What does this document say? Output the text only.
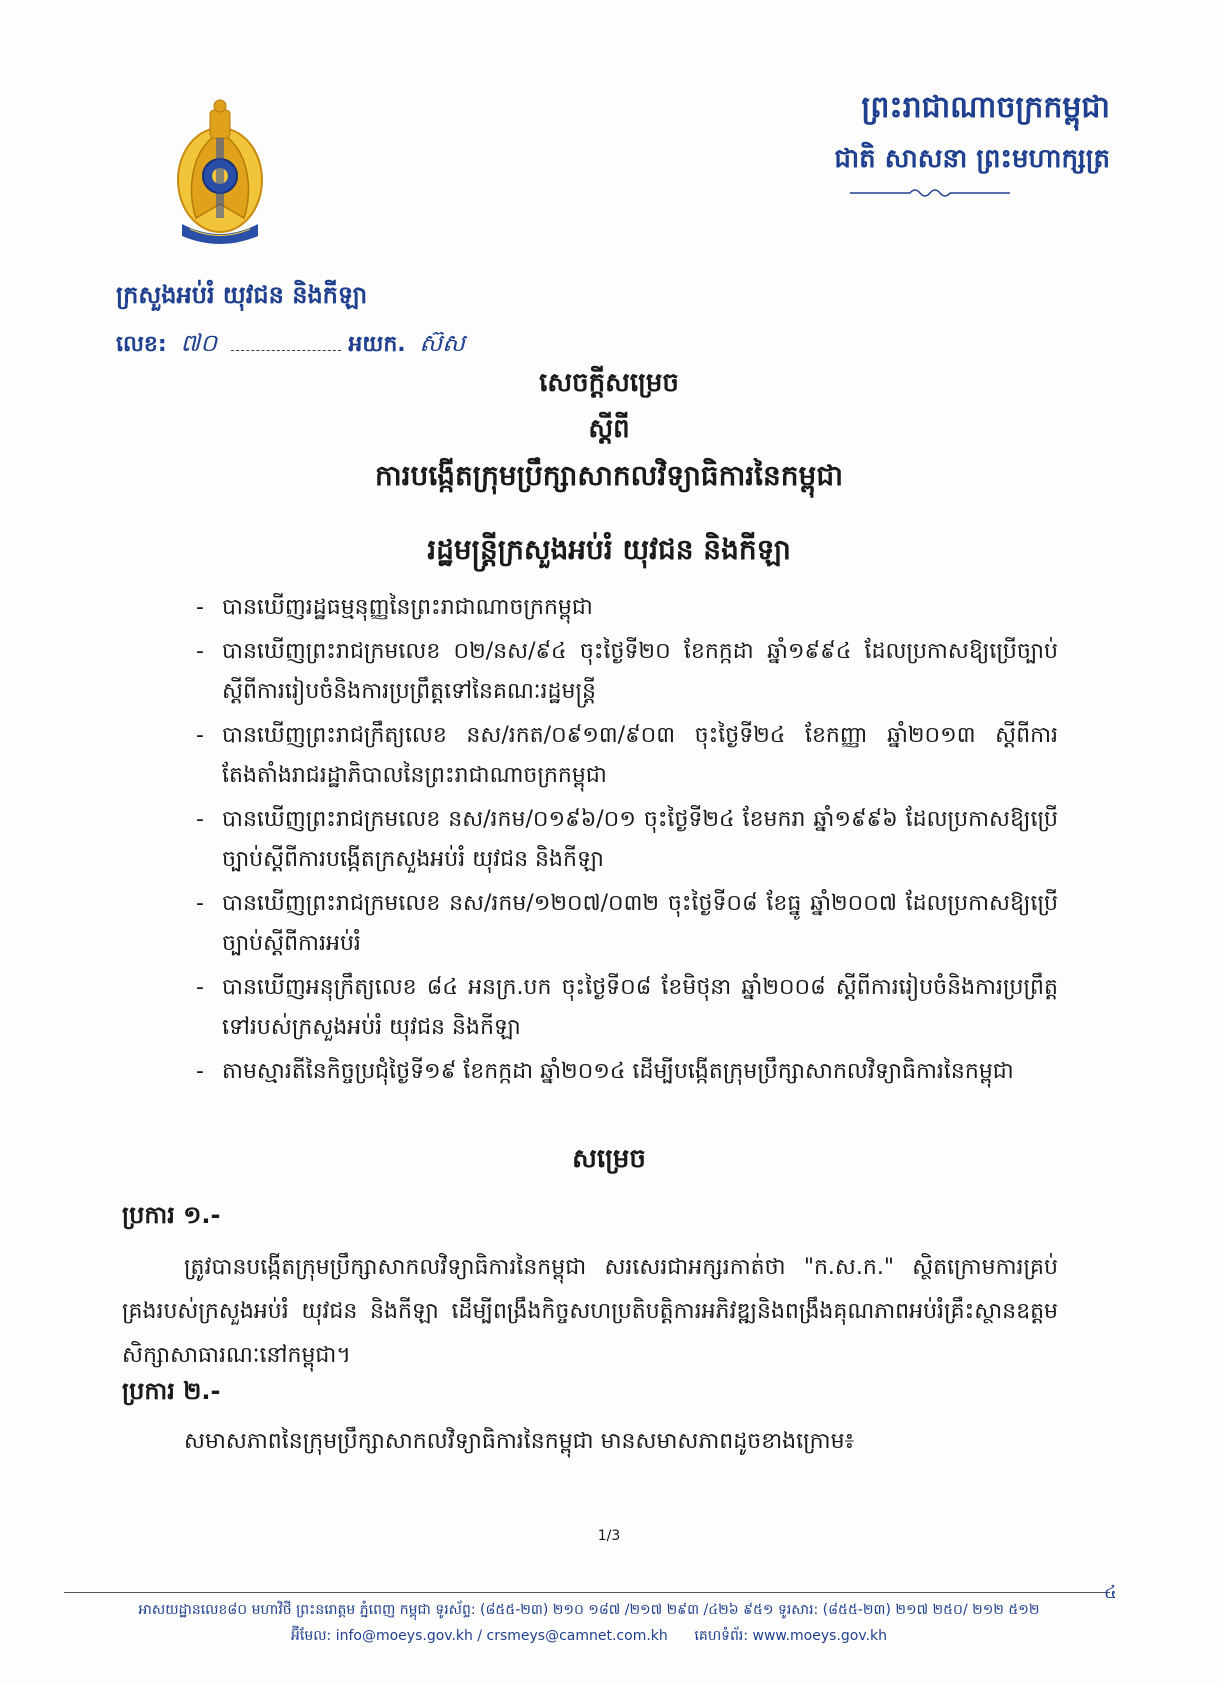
ព្រះរាជាណាចក្រកម្ពុជា
ជាតិ សាសនា ព្រះមហាក្សត្រ
ក្រសួងអប់រំ យុវជន និងកីឡា
លេខ: ៧០	អយក. ស៊ស
សេចក្តីសម្រេច
ស្តីពី
ការបង្កើតក្រុមប្រឹក្សាសាកលវិទ្យាធិការនៃកម្ពុជា
រដ្ឋមន្ត្រីក្រសួងអប់រំ យុវជន និងកីឡា
- បានឃើញរដ្ឋធម្មនុញ្ញនៃព្រះរាជាណាចក្រកម្ពុជា
- បានឃើញព្រះរាជក្រមលេខ ០២/នស/៩៤ ចុះថ្ងៃទី២០ ខែកក្កដា ឆ្នាំ១៩៩៤ ដែលប្រកាសឱ្យប្រើច្បាប់ស្តីពីការរៀបចំនិងការប្រព្រឹត្តទៅនៃគណៈរដ្ឋមន្ត្រី
- បានឃើញព្រះរាជក្រឹត្យលេខ នស/រកត/០៩១៣/៩០៣ ចុះថ្ងៃទី២៤ ខែកញ្ញា ឆ្នាំ២០១៣ ស្តីពីការតែងតាំងរាជរដ្ឋាភិបាលនៃព្រះរាជាណាចក្រកម្ពុជា
- បានឃើញព្រះរាជក្រមលេខ នស/រកម/០១៩៦/០១ ចុះថ្ងៃទី២៤ ខែមករា ឆ្នាំ១៩៩៦ ដែលប្រកាសឱ្យប្រើច្បាប់ស្តីពីការបង្កើតក្រសួងអប់រំ យុវជន និងកីឡា
- បានឃើញព្រះរាជក្រមលេខ នស/រកម/១២០៧/០៣២ ចុះថ្ងៃទី០៨ ខែធ្នូ ឆ្នាំ២០០៧ ដែលប្រកាសឱ្យប្រើច្បាប់ស្តីពីការអប់រំ
- បានឃើញអនុក្រឹត្យលេខ ៨៤ អនក្រ.បក ចុះថ្ងៃទី០៨ ខែមិថុនា ឆ្នាំ២០០៨ ស្តីពីការរៀបចំនិងការប្រព្រឹត្តទៅរបស់ក្រសួងអប់រំ យុវជន និងកីឡា
- តាមស្មារតីនៃកិច្ចប្រជុំថ្ងៃទី១៩ ខែកក្កដា ឆ្នាំ២០១៤ ដើម្បីបង្កើតក្រុមប្រឹក្សាសាកលវិទ្យាធិការនៃកម្ពុជា
សម្រេច
ប្រការ ១.-
ត្រូវបានបង្កើតក្រុមប្រឹក្សាសាកលវិទ្យាធិការនៃកម្ពុជា សរសេរជាអក្សរកាត់ថា "ក.ស.ក." ស្ថិតក្រោមការគ្រប់គ្រងរបស់ក្រសួងអប់រំ យុវជន និងកីឡា ដើម្បីពង្រឹងកិច្ចសហប្រតិបត្តិការអភិវឌ្ឍនិងពង្រឹងគុណភាពអប់រំគ្រឹះស្ថានឧត្តមសិក្សាសាធារណៈនៅកម្ពុជា។
ប្រការ ២.-
សមាសភាពនៃក្រុមប្រឹក្សាសាកលវិទ្យាធិការនៃកម្ពុជា មានសមាសភាពដូចខាងក្រោម៖
1/3
៤
អាសយដ្ឋានលេខ៨០ មហាវិថី ព្រះនរោត្តម ភ្នំពេញ កម្ពុជា ទូរស័ព្ទ: (៨៥៥-២៣) ២១០ ១៨៧ /២១៧ ២៩៣ /៤២៦ ៩៥១ ទូរសារ: (៨៥៥-២៣) ២១៧ ២៥០/ ២១២ ៥១២
អ៊ីមែល: info@moeys.gov.kh / crsmeys@camnet.com.kh គេហទំព័រ: www.moeys.gov.kh
